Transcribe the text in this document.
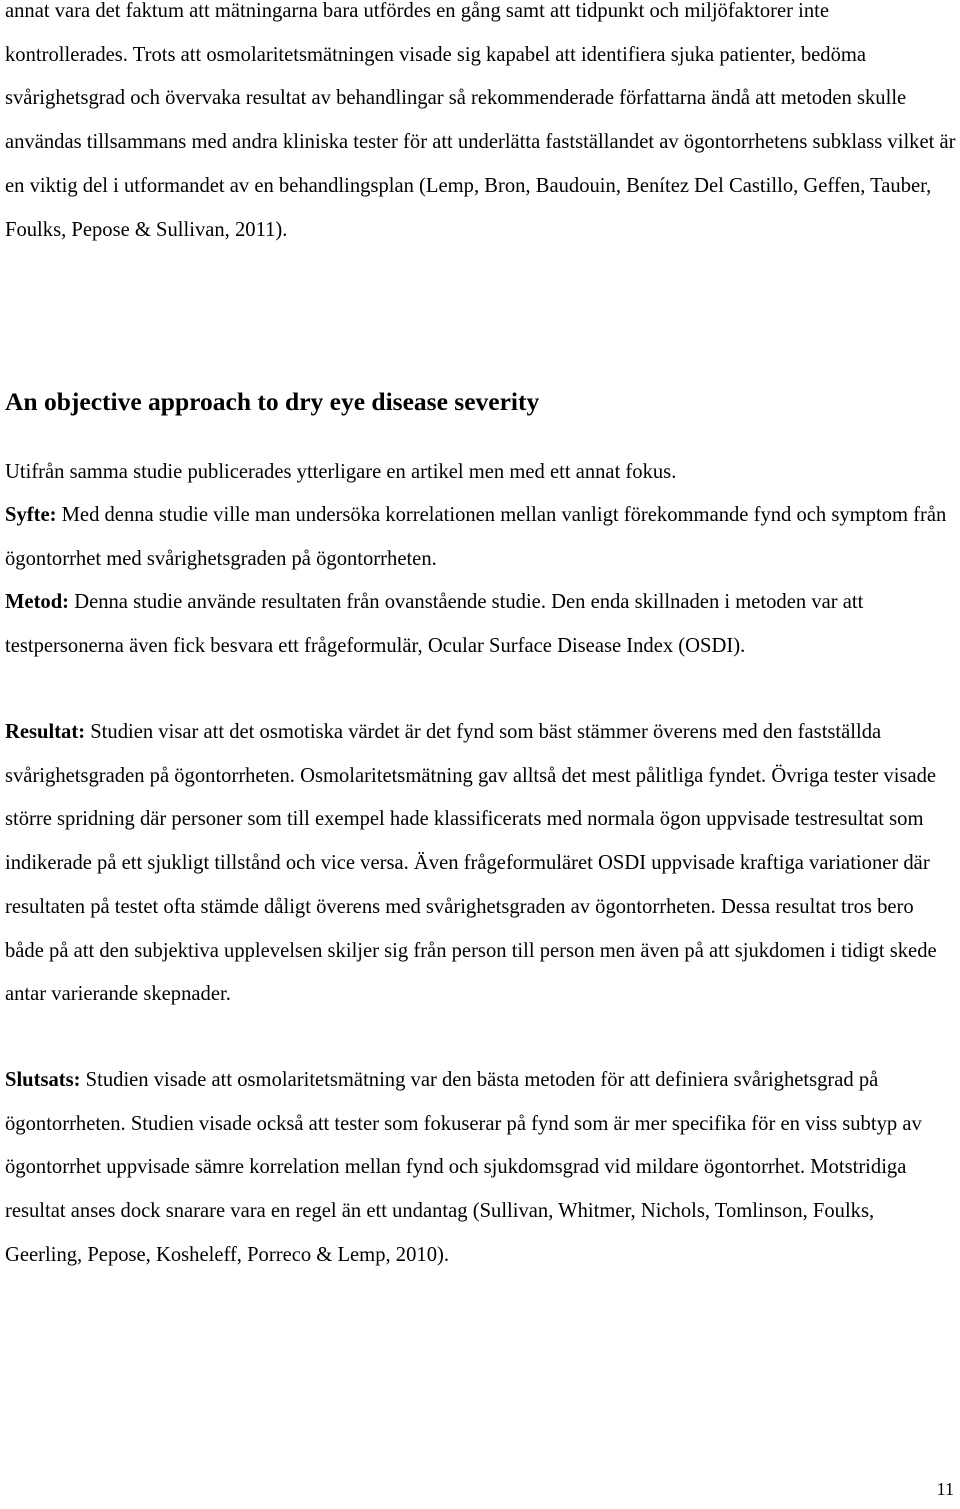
annat vara det faktum att mätningarna bara utfördes en gång samt att tidpunkt och miljöfaktorer inte kontrollerades. Trots att osmolaritetsmätningen visade sig kapabel att identifiera sjuka patienter, bedöma svårighetsgrad och övervaka resultat av behandlingar så rekommenderade författarna ändå att metoden skulle användas tillsammans med andra kliniska tester för att underlätta fastställandet av ögontorrhetens subklass vilket är en viktig del i utformandet av en behandlingsplan (Lemp, Bron, Baudouin, Benítez Del Castillo, Geffen, Tauber, Foulks, Pepose & Sullivan, 2011).

An objective approach to dry eye disease severity

Utifrån samma studie publicerades ytterligare en artikel men med ett annat fokus.

Syfte: Med denna studie ville man undersöka korrelationen mellan vanligt förekommande fynd och symptom från ögontorrhet med svårighetsgraden på ögontorrheten.

Metod: Denna studie använde resultaten från ovanstående studie. Den enda skillnaden i metoden var att testpersonerna även fick besvara ett frågeformulär, Ocular Surface Disease Index (OSDI).

Resultat: Studien visar att det osmotiska värdet är det fynd som bäst stämmer överens med den fastställda svårighetsgraden på ögontorrheten. Osmolaritetsmätning gav alltså det mest pålitliga fyndet. Övriga tester visade större spridning där personer som till exempel hade klassificerats med normala ögon uppvisade testresultat som indikerade på ett sjukligt tillstånd och vice versa. Även frågeformuläret OSDI uppvisade kraftiga variationer där resultaten på testet ofta stämde dåligt överens med svårighetsgraden av ögontorrheten. Dessa resultat tros bero både på att den subjektiva upplevelsen skiljer sig från person till person men även på att sjukdomen i tidigt skede antar varierande skepnader.

Slutsats: Studien visade att osmolaritetsmätning var den bästa metoden för att definiera svårighetsgrad på ögontorrheten. Studien visade också att tester som fokuserar på fynd som är mer specifika för en viss subtyp av ögontorrhet uppvisade sämre korrelation mellan fynd och sjukdomsgrad vid mildare ögontorrhet. Motstridiga resultat anses dock snarare vara en regel än ett undantag (Sullivan, Whitmer, Nichols, Tomlinson, Foulks, Geerling, Pepose, Kosheleff, Porreco & Lemp, 2010).

11
